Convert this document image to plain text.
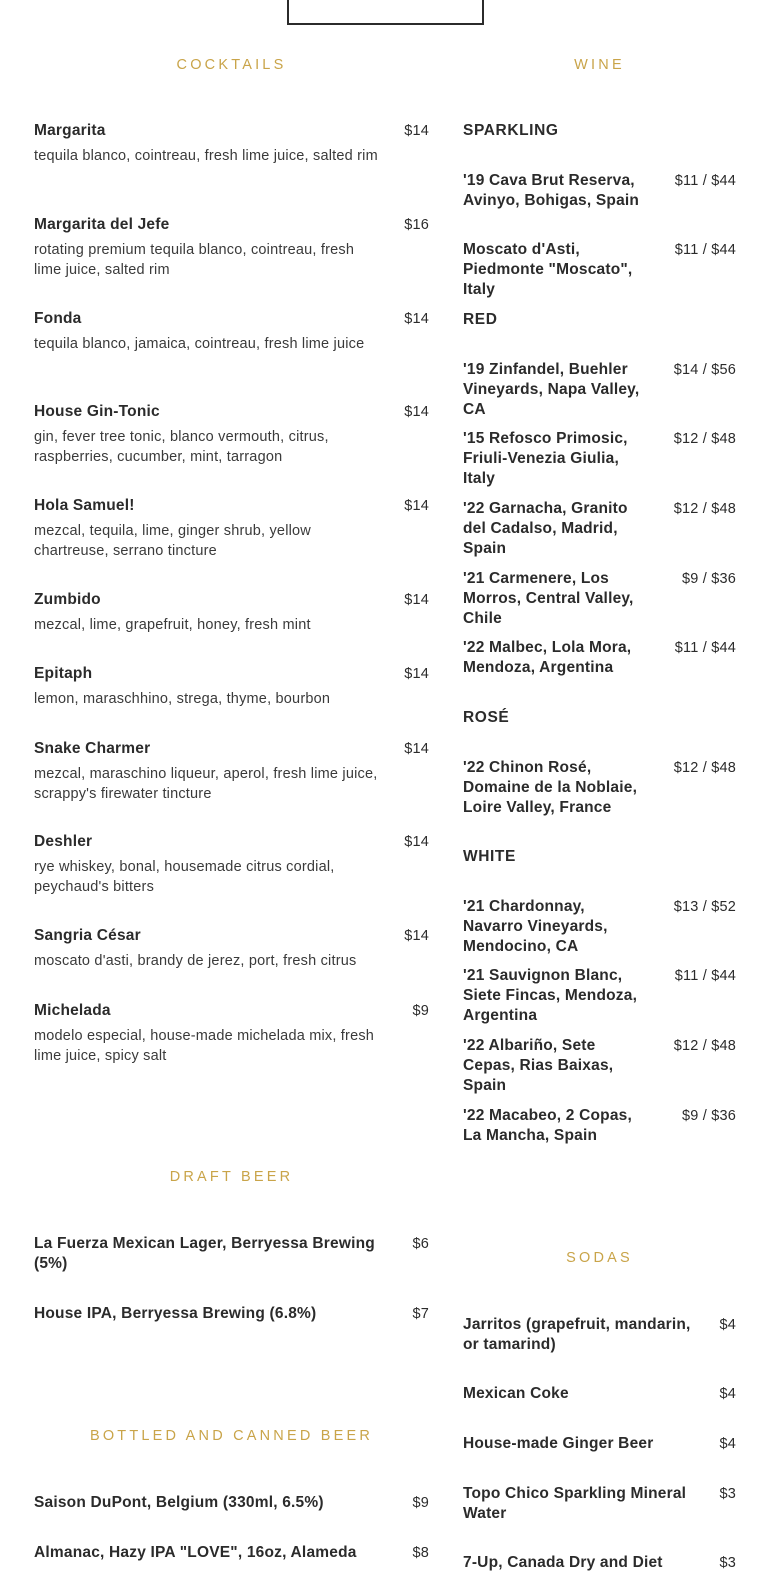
COCKTAILS
Margarita	$14
tequila blanco, cointreau, fresh lime juice, salted rim
Margarita del Jefe	$16
rotating premium tequila blanco, cointreau, fresh lime juice, salted rim
Fonda	$14
tequila blanco, jamaica, cointreau, fresh lime juice
House Gin-Tonic	$14
gin, fever tree tonic, blanco vermouth, citrus, raspberries, cucumber, mint, tarragon
Hola Samuel!	$14
mezcal, tequila, lime, ginger shrub, yellow chartreuse, serrano tincture
Zumbido	$14
mezcal, lime, grapefruit, honey, fresh mint
Epitaph	$14
lemon, maraschhino, strega, thyme, bourbon
Snake Charmer	$14
mezcal, maraschino liqueur, aperol, fresh lime juice, scrappy's firewater tincture
Deshler	$14
rye whiskey, bonal, housemade citrus cordial, peychaud's bitters
Sangria César	$14
moscato d'asti, brandy de jerez, port, fresh citrus
Michelada	$9
modelo especial, house-made michelada mix, fresh lime juice, spicy salt
DRAFT BEER
La Fuerza Mexican Lager, Berryessa Brewing (5%)
$6
House IPA, Berryessa Brewing (6.8%)	$7
BOTTLED AND CANNED BEER
Saison DuPont, Belgium (330ml, 6.5%)	$9
Almanac, Hazy IPA "LOVE", 16oz, Alameda	$8
WINE
SPARKLING
'19 Cava Brut Reserva, Avinyo, Bohigas, Spain
$11 / $44
Moscato d'Asti, Piedmonte "Moscato", Italy
$11 / $44
RED
'19 Zinfandel, Buehler Vineyards, Napa Valley, CA
$14 / $56
'15 Refosco Primosic, Friuli-Venezia Giulia, Italy
$12 / $48
'22 Garnacha, Granito del Cadalso, Madrid, Spain
$12 / $48
'21 Carmenere, Los Morros, Central Valley, Chile
$9 / $36
'22 Malbec, Lola Mora, Mendoza, Argentina
$11 / $44
ROSÉ
'22 Chinon Rosé, Domaine de la Noblaie, Loire Valley, France
$12 / $48
WHITE
'21 Chardonnay, Navarro Vineyards, Mendocino, CA
$13 / $52
'21 Sauvignon Blanc, Siete Fincas, Mendoza, Argentina
$11 / $44
'22 Albariño, Sete Cepas, Rias Baixas, Spain
$12 / $48
'22 Macabeo, 2 Copas, La Mancha, Spain
$9 / $36
SODAS
Jarritos (grapefruit, mandarin, or tamarind)
$4
Mexican Coke	$4
House-made Ginger Beer	$4
Topo Chico Sparkling Mineral Water
$3
7-Up, Canada Dry and Diet	$3
